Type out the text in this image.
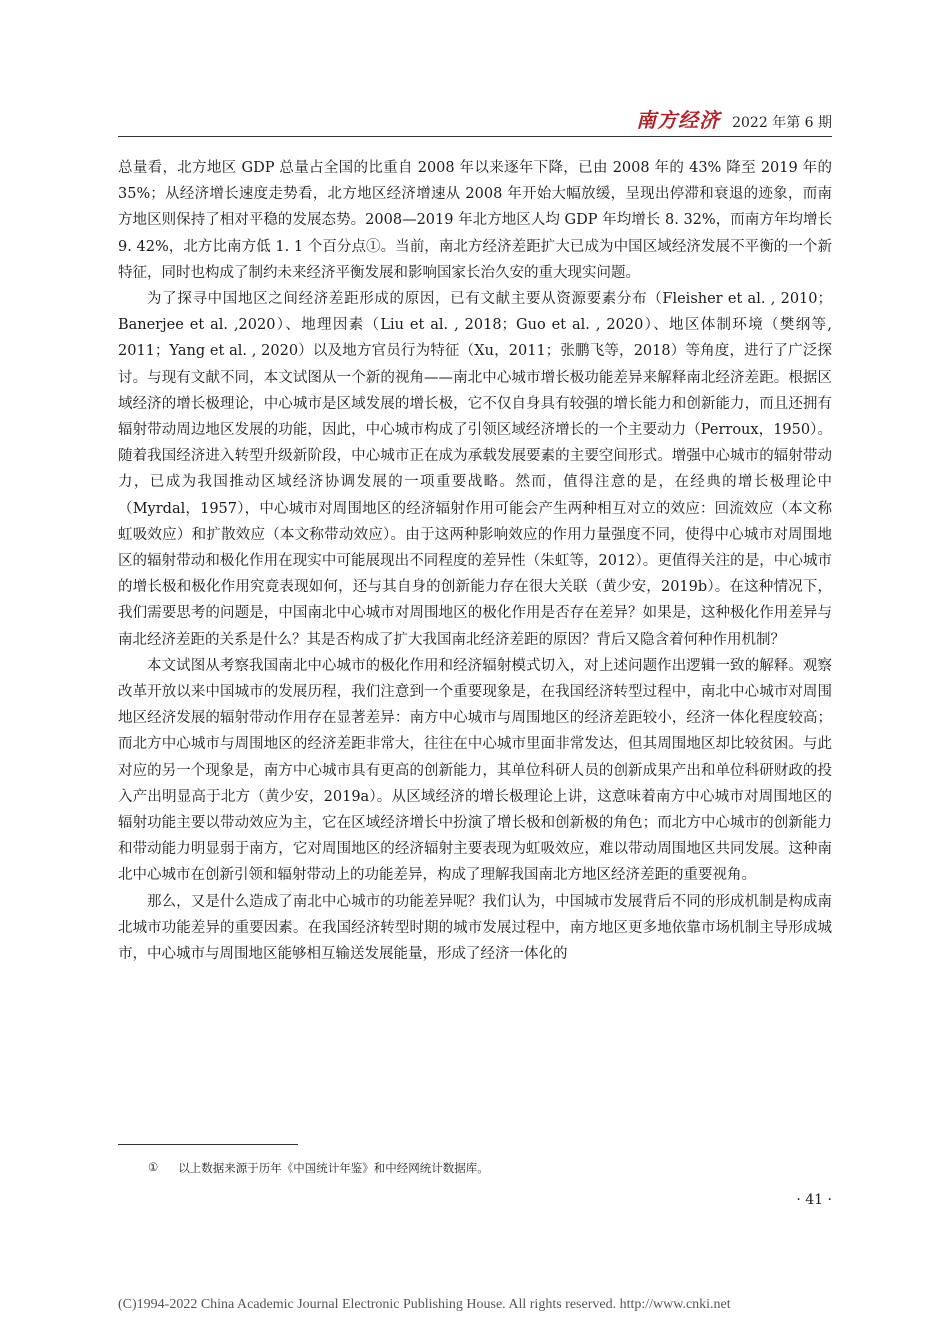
南方经济 2022 年第 6 期

总量看，北方地区 GDP 总量占全国的比重自 2008 年以来逐年下降，已由 2008 年的 43% 降至 2019 年的 35%；从经济增长速度走势看，北方地区经济增速从 2008 年开始大幅放缓，呈现出停滞和衰退的迹象，而南方地区则保持了相对平稳的发展态势。2008—2019 年北方地区人均 GDP 年均增长 8. 32%，而南方年均增长 9. 42%，北方比南方低 1. 1 个百分点①。当前，南北方经济差距扩大已成为中国区域经济发展不平衡的一个新特征，同时也构成了制约未来经济平衡发展和影响国家长治久安的重大现实问题。

为了探寻中国地区之间经济差距形成的原因，已有文献主要从资源要素分布（Fleisher et al. , 2010；Banerjee et al. ,2020）、地理因素（Liu et al. , 2018；Guo et al. , 2020）、地区体制环境（樊纲等, 2011；Yang et al. , 2020）以及地方官员行为特征（Xu，2011；张鹏飞等，2018）等角度，进行了广泛探讨。与现有文献不同，本文试图从一个新的视角——南北中心城市增长极功能差异来解释南北经济差距。根据区域经济的增长极理论，中心城市是区域发展的增长极，它不仅自身具有较强的增长能力和创新能力，而且还拥有辐射带动周边地区发展的功能，因此，中心城市构成了引领区域经济增长的一个主要动力（Perroux，1950）。随着我国经济进入转型升级新阶段，中心城市正在成为承载发展要素的主要空间形式。增强中心城市的辐射带动力，已成为我国推动区域经济协调发展的一项重要战略。然而，值得注意的是，在经典的增长极理论中（Myrdal，1957），中心城市对周围地区的经济辐射作用可能会产生两种相互对立的效应：回流效应（本文称虹吸效应）和扩散效应（本文称带动效应）。由于这两种影响效应的作用力量强度不同，使得中心城市对周围地区的辐射带动和极化作用在现实中可能展现出不同程度的差异性（朱虹等，2012）。更值得关注的是，中心城市的增长极和极化作用究竟表现如何，还与其自身的创新能力存在很大关联（黄少安，2019b）。在这种情况下，我们需要思考的问题是，中国南北中心城市对周围地区的极化作用是否存在差异？如果是，这种极化作用差异与南北经济差距的关系是什么？其是否构成了扩大我国南北经济差距的原因？背后又隐含着何种作用机制？

本文试图从考察我国南北中心城市的极化作用和经济辐射模式切入，对上述问题作出逻辑一致的解释。观察改革开放以来中国城市的发展历程，我们注意到一个重要现象是，在我国经济转型过程中，南北中心城市对周围地区经济发展的辐射带动作用存在显著差异：南方中心城市与周围地区的经济差距较小，经济一体化程度较高；而北方中心城市与周围地区的经济差距非常大，往往在中心城市里面非常发达，但其周围地区却比较贫困。与此对应的另一个现象是，南方中心城市具有更高的创新能力，其单位科研人员的创新成果产出和单位科研财政的投入产出明显高于北方（黄少安，2019a）。从区域经济的增长极理论上讲，这意味着南方中心城市对周围地区的辐射功能主要以带动效应为主，它在区域经济增长中扮演了增长极和创新极的角色；而北方中心城市的创新能力和带动能力明显弱于南方，它对周围地区的经济辐射主要表现为虹吸效应，难以带动周围地区共同发展。这种南北中心城市在创新引领和辐射带动上的功能差异，构成了理解我国南北方地区经济差距的重要视角。

那么，又是什么造成了南北中心城市的功能差异呢？我们认为，中国城市发展背后不同的形成机制是构成南北城市功能差异的重要因素。在我国经济转型时期的城市发展过程中，南方地区更多地依靠市场机制主导形成城市，中心城市与周围地区能够相互输送发展能量，形成了经济一体化的

① 以上数据来源于历年《中国统计年鉴》和中经网统计数据库。
· 41 ·
(C)1994-2022 China Academic Journal Electronic Publishing House. All rights reserved. http://www.cnki.net
